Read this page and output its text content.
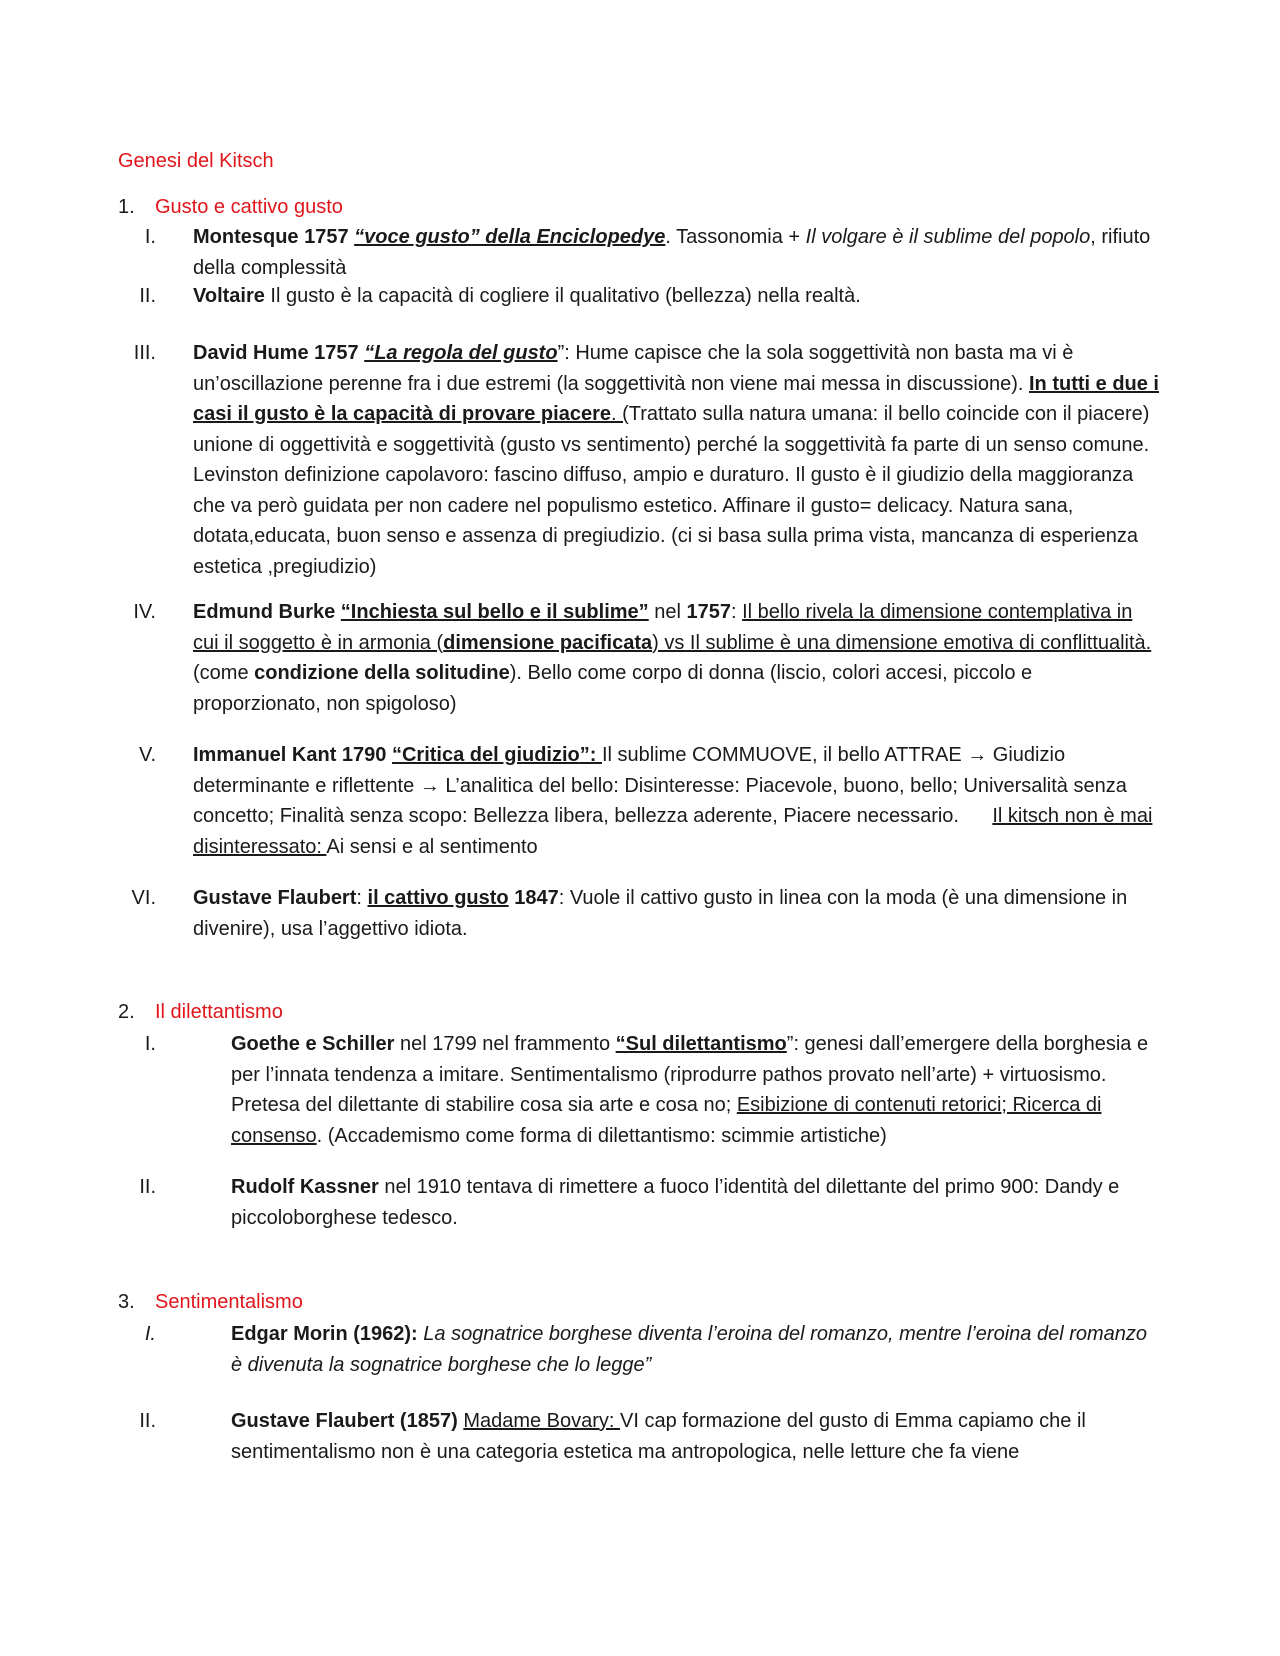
Genesi del Kitsch
1. Gusto e cattivo gusto
I. Montesque 1757 “voce gusto” della Enciclopedye. Tassonomia + Il volgare è il sublime del popolo, rifiuto della complessità
II. Voltaire Il gusto è la capacità di cogliere il qualitativo (bellezza) nella realtà.
III. David Hume 1757 “La regola del gusto”: Hume capisce che la sola soggettività non basta ma vi è un’oscillazione perenne fra i due estremi (la soggettività non viene mai messa in discussione). In tutti e due i casi il gusto è la capacità di provare piacere. (Trattato sulla natura umana: il bello coincide con il piacere) unione di oggettività e soggettività (gusto vs sentimento) perché la soggettività fa parte di un senso comune. Levinston definizione capolavoro: fascino diffuso, ampio e duraturo. Il gusto è il giudizio della maggioranza che va però guidata per non cadere nel populismo estetico. Affinare il gusto= delicacy. Natura sana, dotata,educata, buon senso e assenza di pregiudizio. (ci si basa sulla prima vista, mancanza di esperienza estetica ,pregiudizio)
IV. Edmund Burke “Inchiesta sul bello e il sublime” nel 1757: Il bello rivela la dimensione contemplativa in cui il soggetto è in armonia (dimensione pacificata) vs Il sublime è una dimensione emotiva di conflittualità. (come condizione della solitudine). Bello come corpo di donna (liscio, colori accesi, piccolo e proporzionato, non spigoloso)
V. Immanuel Kant 1790 “Critica del giudizio”: Il sublime COMMUOVE, il bello ATTRAE → Giudizio determinante e riflettente → L’analitica del bello: Disinteresse: Piacevole, buono, bello; Universalità senza concetto; Finalità senza scopo: Bellezza libera, bellezza aderente, Piacere necessario. Il kitsch non è mai disinteressato: Ai sensi e al sentimento
VI. Gustave Flaubert: il cattivo gusto 1847: Vuole il cattivo gusto in linea con la moda (è una dimensione in divenire), usa l’aggettivo idiota.
2. Il dilettantismo
I.	Goethe e Schiller nel 1799 nel frammento “Sul dilettantismo”: genesi dall’emergere della borghesia e per l’innata tendenza a imitare. Sentimentalismo (riprodurre pathos provato nell’arte) + virtuosismo. Pretesa del dilettante di stabilire cosa sia arte e cosa no; Esibizione di contenuti retorici; Ricerca di consenso. (Accademismo come forma di dilettantismo: scimmie artistiche)
II.	Rudolf Kassner nel 1910 tentava di rimettere a fuoco l’identità del dilettante del primo 900: Dandy e piccoloborghese tedesco.
3. Sentimentalismo
I.	Edgar Morin (1962): La sognatrice borghese diventa l’eroina del romanzo, mentre l’eroina del romanzo è divenuta la sognatrice borghese che lo legge”
II.	Gustave Flaubert (1857) Madame Bovary: VI cap formazione del gusto di Emma capiamo che il sentimentalismo non è una categoria estetica ma antropologica, nelle letture che fa viene
